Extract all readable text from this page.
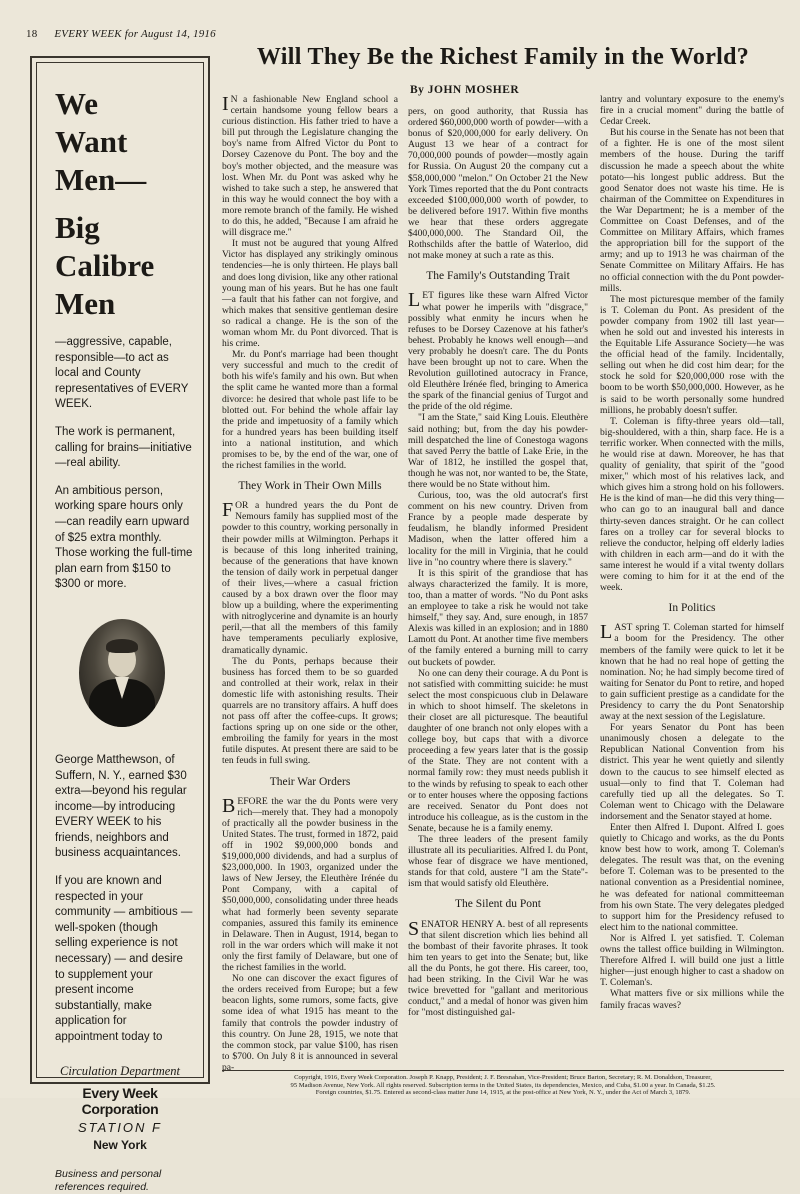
18 EVERY WEEK for August 14, 1916

We

Want

Men—

Big

Calibre

Men

—aggressive, capable, responsible—to act as local and County representatives of EVERY WEEK.

The work is permanent, calling for brains—initiative—real ability.

An ambitious person, working spare hours only—can readily earn upward of $25 extra monthly. Those working the full-time plan earn from $150 to $300 or more.

George Matthewson, of Suffern, N. Y., earned $30 extra—beyond his regular income—by introducing EVERY WEEK to his friends, neighbors and business acquaintances.

If you are known and respected in your community — ambitious — well-spoken (though selling experience is not necessary) — and desire to supplement your present income substantially, make application for appointment today to

Circulation Department

Every Week Corporation

STATION F

New York

Business and personal references required.

Will They Be the Richest Family in the World?

By JOHN MOSHER

IN a fashionable New England school a certain handsome young fellow bears a curious distinction. His father tried to have a bill put through the Legislature changing the boy's name from Alfred Victor du Pont to Dorsey Cazenove du Pont. The boy and the boy's mother objected, and the measure was lost. When Mr. du Pont was asked why he wished to take such a step, he answered that in this way he would connect the boy with a more remote branch of the family. He wished to do this, he added, "Because I am afraid he will disgrace me."

It must not be augured that young Alfred Victor has displayed any strikingly ominous tendencies—he is only thirteen. He plays ball and does long division, like any other rational young man of his years. But he has one fault—a fault that his father can not forgive, and which makes that sensitive gentleman desire so radical a change. He is the son of the woman whom Mr. du Pont divorced. That is his crime.

Mr. du Pont's marriage had been thought very successful and much to the credit of both his wife's family and his own. But when the split came he wanted more than a formal divorce: he desired that whole past life to be blotted out. For behind the whole affair lay the pride and impetuosity of a family which for a hundred years has been building itself into a national institution, and which promises to be, by the end of the war, one of the richest families in the world.

They Work in Their Own Mills

FOR a hundred years the du Pont de Nemours family has supplied most of the powder to this country, working personally in their powder mills at Wilmington. Perhaps it is because of this long inherited training, because of the generations that have known the tension of daily work in perpetual danger of their lives,—where a casual friction caused by a box drawn over the floor may blow up a building, where the experimenting with nitroglycerine and dynamite is an hourly peril,—that all the members of this family have temperaments peculiarly explosive, dramatically dynamic.

The du Ponts, perhaps because their business has forced them to be so guarded and controlled at their work, relax in their domestic life with astonishing results. Their quarrels are no transitory affairs. A huff does not pass off after the coffee-cups. It grows; factions spring up on one side or the other, embroiling the family for years in the most futile disputes. At present there are said to be ten feuds in full swing.

Their War Orders

BEFORE the war the du Ponts were very rich—merely that. They had a monopoly of practically all the powder business in the United States. The trust, formed in 1872, paid off in 1902 $9,000,000 bonds and $19,000,000 dividends, and had a surplus of $23,000,000. In 1903, organized under the laws of New Jersey, the Eleuthère Irénée du Pont Company, with a capital of $50,000,000, consolidating under three heads what had formerly been seventy separate companies, assured this family its eminence in Delaware. Then in August, 1914, began to roll in the war orders which will make it not only the first family of Delaware, but one of the richest families in the world.

No one can discover the exact figures of the orders received from Europe; but a few beacon lights, some rumors, some facts, give some idea of what 1915 has meant to the family that controls the powder industry of this country. On June 28, 1915, we note that the common stock, par value $100, has risen to $700. On July 8 it is announced in several pa-

pers, on good authority, that Russia has ordered $60,000,000 worth of powder—with a bonus of $20,000,000 for early delivery. On August 13 we hear of a contract for 70,000,000 pounds of powder—mostly again for Russia. On August 20 the company cut a $58,000,000 "melon." On October 21 the New York Times reported that the du Pont contracts exceeded $100,000,000 worth of powder, to be delivered before 1917. Within five months we hear that these orders aggregate $400,000,000. The Standard Oil, the Rothschilds after the battle of Waterloo, did not make money at such a rate as this.

The Family's Outstanding Trait

LET figures like these warn Alfred Victor what power he imperils with "disgrace," possibly what enmity he incurs when he refuses to be Dorsey Cazenove at his father's behest. Probably he knows well enough—and very probably he doesn't care. The du Ponts have been brought up not to care. When the Revolution guillotined autocracy in France, old Eleuthère Irénée fled, bringing to America the spark of the financial genius of Turgot and the pride of the old régime.

"I am the State," said King Louis. Eleuthère said nothing; but, from the day his powder-mill despatched the line of Conestoga wagons that saved Perry the battle of Lake Erie, in the War of 1812, he instilled the gospel that, though he was not, nor wanted to be, the State, there would be no State without him.

Curious, too, was the old autocrat's first comment on his new country. Driven from France by a people made desperate by feudalism, he blandly informed President Madison, when the latter offered him a locality for the mill in Virginia, that he could live in "no country where there is slavery."

It is this spirit of the grandiose that has always characterized the family. It is more, too, than a matter of words. "No du Pont asks an employee to take a risk he would not take himself," they say. And, sure enough, in 1857 Alexis was killed in an explosion; and in 1880 Lamott du Pont. At another time five members of the family entered a burning mill to carry out buckets of powder.

No one can deny their courage. A du Pont is not satisfied with committing suicide: he must select the most conspicuous club in Delaware in which to shoot himself. The skeletons in their closet are all picturesque. The beautiful daughter of one branch not only elopes with a college boy, but caps that with a divorce proceeding a few years later that is the gossip of the State. They are not content with a normal family row: they must needs publish it to the winds by refusing to speak to each other or to enter houses where the opposing factions are received. Senator du Pont does not introduce his colleague, as is the custom in the Senate, because he is a family enemy.

The three leaders of the present family illustrate all its peculiarities. Alfred I. du Pont, whose fear of disgrace we have mentioned, stands for that cold, austere "I am the State"-ism that would satisfy old Eleuthère.

The Silent du Pont

SENATOR HENRY A. best of all represents that silent discretion which lies behind all the bombast of their favorite phrases. It took him ten years to get into the Senate; but, like all the du Ponts, he got there. His career, too, had been striking. In the Civil War he was twice brevetted for "gallant and meritorious conduct," and a medal of honor was given him for "most distinguished gal-

lantry and voluntary exposure to the enemy's fire in a crucial moment" during the battle of Cedar Creek.

But his course in the Senate has not been that of a fighter. He is one of the most silent members of the house. During the tariff discussion he made a speech about the white potato—his longest public address. But the good Senator does not waste his time. He is chairman of the Committee on Expenditures in the War Department; he is a member of the Committee on Coast Defenses, and of the Committee on Military Affairs, which frames the appropriation bill for the support of the army; and up to 1913 he was chairman of the Senate Committee on Military Affairs. He has no official connection with the du Pont powder-mills.

The most picturesque member of the family is T. Coleman du Pont. As president of the powder company from 1902 till last year—when he sold out and invested his interests in the Equitable Life Assurance Society—he was the official head of the family. Incidentally, selling out when he did cost him dear; for the stock he sold for $20,000,000 rose with the boom to be worth $50,000,000. However, as he is said to be worth personally some hundred millions, he probably doesn't suffer.

T. Coleman is fifty-three years old—tall, big-shouldered, with a thin, sharp face. He is a terrific worker. When connected with the mills, he would rise at dawn. Moreover, he has that quality of geniality, that spirit of the "good mixer," which most of his relatives lack, and which gives him a strong hold on his followers. He is the kind of man—he did this very thing—who can go to an inaugural ball and dance thirty-seven dances straight. Or he can collect fares on a trolley car for several blocks to relieve the conductor, helping off elderly ladies with children in each arm—and do it with the same interest he would if a vital twenty dollars were coming to him for it at the end of the week.

In Politics

LAST spring T. Coleman started for himself a boom for the Presidency. The other members of the family were quick to let it be known that he had no real hope of getting the nomination. No; he had simply become tired of waiting for Senator du Pont to retire, and hoped to gain sufficient prestige as a candidate for the Presidency to carry the du Pont Senatorship away at the next session of the Legislature.

For years Senator du Pont has been unanimously chosen a delegate to the Republican National Convention from his district. This year he went quietly and silently down to the caucus to see himself elected as usual—only to find that T. Coleman had carefully tied up all the delegates. So T. Coleman went to Chicago with the Delaware indorsement and the Senator stayed at home.

Enter then Alfred I. Dupont. Alfred I. goes quietly to Chicago and works, as the du Ponts know best how to work, among T. Coleman's delegates. The result was that, on the evening before T. Coleman was to be presented to the national convention as a Presidential nominee, he was defeated for national committeeman from his own State. The very delegates pledged to support him for the Presidency refused to elect him to the national committee.

Nor is Alfred I. yet satisfied. T. Coleman owns the tallest office building in Wilmington. Therefore Alfred I. will build one just a little higher—just enough higher to cast a shadow on T. Coleman's.

What matters five or six millions while the family fracas waves?

Copyright, 1916, Every Week Corporation. Joseph P. Knapp, President; J. F. Bresnahan, Vice-President; Bruce Barton, Secretary; R. M. Donaldson, Treasurer,
95 Madison Avenue, New York. All rights reserved. Subscription terms in the United States, its dependencies, Mexico, and Cuba, $1.00 a year. In Canada, $1.25.
Foreign countries, $1.75. Entered as second-class matter June 14, 1915, at the post-office at New York, N. Y., under the Act of March 3, 1879.
